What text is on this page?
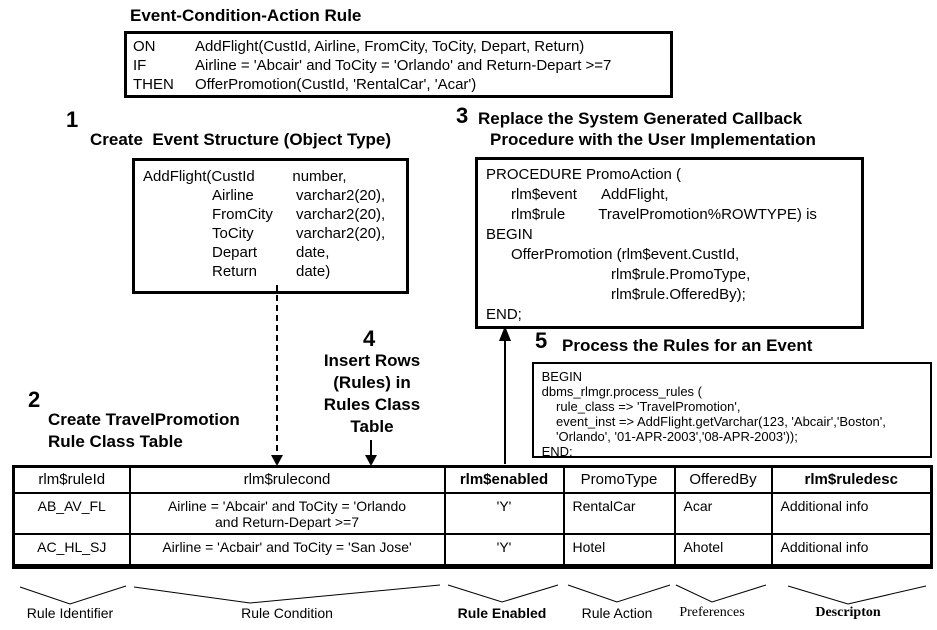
Event-Condition-Action Rule
ON	AddFlight(CustId, Airline, FromCity, ToCity, Depart, Return)
IF	Airline = 'Abcair' and ToCity = 'Orlando' and Return-Depart >=7
THEN	OfferPromotion(CustId, 'RentalCar', 'Acar')
1
Create  Event Structure (Object Type)
AddFlight(CustId	number,
Airline	varchar2(20),
FromCity varchar2(20),
ToCity	varchar2(20),
Depart	date,
Return	date)
3 Replace the System Generated Callback
Procedure with the User Implementation
PROCEDURE PromoAction (
rlm$event      AddFlight,
rlm$rule        TravelPromotion%ROWTYPE) is
BEGIN
OfferPromotion (rlm$event.CustId,
rlm$rule.PromoType,
rlm$rule.OfferedBy);
END;
5 Process the Rules for an Event
BEGIN
dbms_rlmgr.process_rules (
rule_class => 'TravelPromotion',
event_inst => AddFlight.getVarchar(123, 'Abcair','Boston',
'Orlando', '01-APR-2003','08-APR-2003'));
END;
2
Create TravelPromotion
Rule Class Table
4
Insert Rows
(Rules) in
Rules Class
Table
rlm$ruleId	rlm$rulecond	rlm$enabled	PromoType	OfferedBy	rlm$ruledesc
AB_AV_FL	Airline = 'Abcair' and ToCity = 'Orlando
and Return-Depart >=7	'Y'	RentalCar	Acar	Additional info
AC_HL_SJ	Airline = 'Acbair' and ToCity = 'San Jose'	'Y'	Hotel	Ahotel	Additional info
Rule Identifier	Rule Condition	Rule Enabled	Rule Action Preferences	Descripton
